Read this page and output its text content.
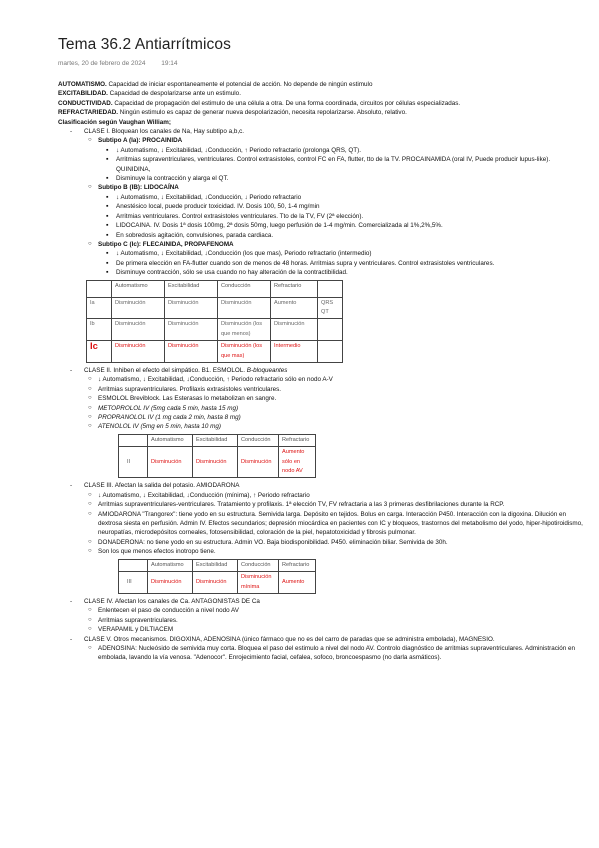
Tema 36.2 Antiarrítmicos
martes, 20 de febrero de 2024 19:14
AUTOMATISMO. Capacidad de iniciar espontaneamente el potencial de acción. No depende de ningún estimulo
EXCITABILIDAD. Capacidad de despolarizarse ante un estimulo.
CONDUCTIVIDAD. Capacidad de propagación del estimulo de una célula a otra. De una forma coordinada, circuitos por células especializadas.
REFRACTARIEDAD. Ningún estimulo es capaz de generar nueva despolarización, necesita repolarizarse. Absoluto, relativo.
Clasificación según Vaughan William;
- CLASE I. Bloquean los canales de Na, Hay subtipo a,b,c.
○ Subtipo A (Ia): PROCAINIDA
▪ ↓ Automatismo, ↓ Excitabilidad, ↓Conducción, ↑ Periodo refractario (prolonga QRS, QT).
▪ Arritmias supraventriculares, ventriculares. Control extrasistoles, control FC en FA, flutter, tto de la TV. PROCAINAMIDA (oral IV, Puede producir lupus-like). QUINIDINA,
▪ Disminuye la contracción y alarga el QT.
○ Subtipo B (IB): LIDOCAÍNA
▪ ↓ Automatismo, ↓ Excitabilidad, ↓Conducción, ↓ Periodo refractario
▪ Anestésico local, puede producir toxicidad. IV. Dosis 100, 50, 1-4 mg/min
▪ Arritmias ventriculares. Control extrasistoles ventriculares. Tto de la TV, FV (2ª elección).
▪ LIDOCAINA. IV. Dosis 1ª dosis 100mg, 2ª dosis 50mg, luego perfusión de 1-4 mg/min. Comercializada al 1%,2%,5%.
▪ En sobredosis agitación, convulsiones, parada cardiaca.
○ Subtipo C (Ic): FLECAINIDA, PROPAFENOMA
▪ ↓ Automatismo, ↓ Excitabilidad, ↓Conducción (los que mas), Periodo refractario (intermedio)
▪ De primera elección en FA-flutter cuando son de menos de 48 horas. Arritmias supra y ventriculares. Control extrasistoles ventriculares.
▪ Disminuye contracción, sólo se usa cuando no hay alteración de la contractibilidad.
	Automatismo	Excitabilidad	Conducción	Refractario	
Ia	Disminución	Disminución	Disminución	Aumento	QRS QT
Ib	Disminución	Disminución	Disminución (los que menos)	Disminución	
Ic	Disminución	Disminución	Disminución (los que mas)	Intermedio	
- CLASE II. Inhiben el efecto del simpático. B1. ESMOLOL. B-bloqueantes
○ ↓ Automatismo, ↓ Excitabilidad, ↓Conducción, ↑ Periodo refractario sólo en nodo A-V
○ Arritmias supraventriculares. Profilaxis extrasistoles ventriculares.
○ ESMOLOL Breviblock. Las Esterasas lo metabolizan en sangre.
○ METOPROLOL IV (5mg cada 5 min, hasta 15 mg)
○ PROPRANOLOL IV (1 mg cada 2 min, hasta 8 mg)
○ ATENOLOL IV (5mg en 5 min, hasta 10 mg)
	Automatismo	Excitabilidad	Conducción	Refractario
II	Disminución	Disminución	Disminución	Aumento sólo en nodo AV
- CLASE III. Afectan la salida del potasio. AMIODARONA
○ ↓ Automatismo, ↓ Excitabilidad, ↓Conducción (mínima), ↑ Periodo refractario
○ Arritmias supraventriculares-ventriculares. Tratamiento y profilaxis. 1ª elección TV, FV refractaria a las 3 primeras desfibrilaciones durante la RCP.
○ AMIODARONA "Trangorex": tiene yodo en su estructura. Semivida larga. Depósito en tejidos. Bolus en carga. Interacción P450. Interacción con la digoxina. Dilución en dextrosa siesta en perfusión. Admin IV. Efectos secundarios; depresión miocárdica en pacientes con IC y bloqueos, trastornos del metabolismo del yodo, hiper-hipotiroidismo, neuropatías, microdepósitos corneales, fotosensibilidad, coloración de la piel, hepatotoxicidad y fibrosis pulmonar.
○ DONADERONA: no tiene yodo en su estructura. Admin VO. Baja biodisponibilidad. P450. eliminación biliar. Semivida de 30h.
○ Son los que menos efectos inotropo tiene.
	Automatismo	Excitabilidad	Conducción	Refractario
III	Disminución	Disminución	Disminución mínima	Aumento
- CLASE IV. Afectan los canales de Ca. ANTAGONISTAS DE Ca
○ Enlentecen el paso de conducción a nivel nodo AV
○ Arritmias supraventriculares.
○ VERAPAMIL y DILTIACEM
- CLASE V. Otros mecanismos. DIGOXINA, ADENOSINA (único fármaco que no es del carro de paradas que se administra embolada), MAGNESIO.
○ ADENOSINA: Nucleósido de semivida muy corta. Bloquea el paso del estimulo a nivel del nodo AV. Controlo diagnóstico de arritmias supraventriculares. Administración en embolada, lavando la vía venosa. "Adenocor". Enrojecimiento facial, cefalea, sofoco, broncoespasmo (no darla asmáticos).
